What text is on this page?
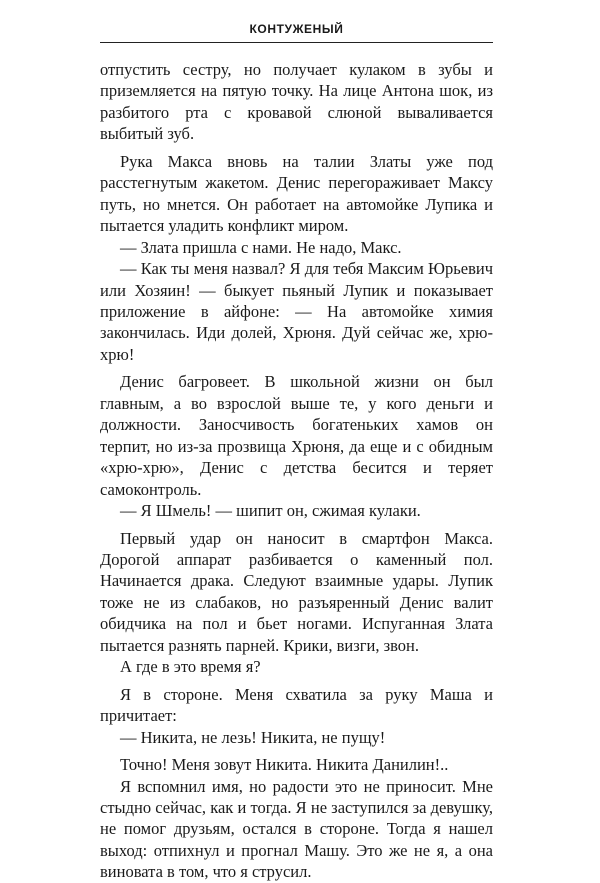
КОНТУЖЕНЫЙ

отпустить сестру, но получает кулаком в зубы и приземляется на пятую точку. На лице Антона шок, из разбитого рта с кровавой слюной вываливается выбитый зуб.

Рука Макса вновь на талии Златы уже под расстегнутым жакетом. Денис перегораживает Максу путь, но мнется. Он работает на автомойке Лупика и пытается уладить конфликт миром.

— Злата пришла с нами. Не надо, Макс.

— Как ты меня назвал? Я для тебя Максим Юрьевич или Хозяин! — быкует пьяный Лупик и показывает приложение в айфоне: — На автомойке химия закончилась. Иди долей, Хрюня. Дуй сейчас же, хрю-хрю!

Денис багровеет. В школьной жизни он был главным, а во взрослой выше те, у кого деньги и должности. Заносчивость богатеньких хамов он терпит, но из-за прозвища Хрюня, да еще и с обидным «хрю-хрю», Денис с детства бесится и теряет самоконтроль.

— Я Шмель! — шипит он, сжимая кулаки.

Первый удар он наносит в смартфон Макса. Дорогой аппарат разбивается о каменный пол. Начинается драка. Следуют взаимные удары. Лупик тоже не из слабаков, но разъяренный Денис валит обидчика на пол и бьет ногами. Испуганная Злата пытается разнять парней. Крики, визги, звон.

А где в это время я?

Я в стороне. Меня схватила за руку Маша и причитает:

— Никита, не лезь! Никита, не пущу!

Точно! Меня зовут Никита. Никита Данилин!..

Я вспомнил имя, но радости это не приносит. Мне стыдно сейчас, как и тогда. Я не заступился за девушку, не помог друзьям, остался в стороне. Тогда я нашел выход: отпихнул и прогнал Машу. Это же не я, а она виновата в том, что я струсил.
